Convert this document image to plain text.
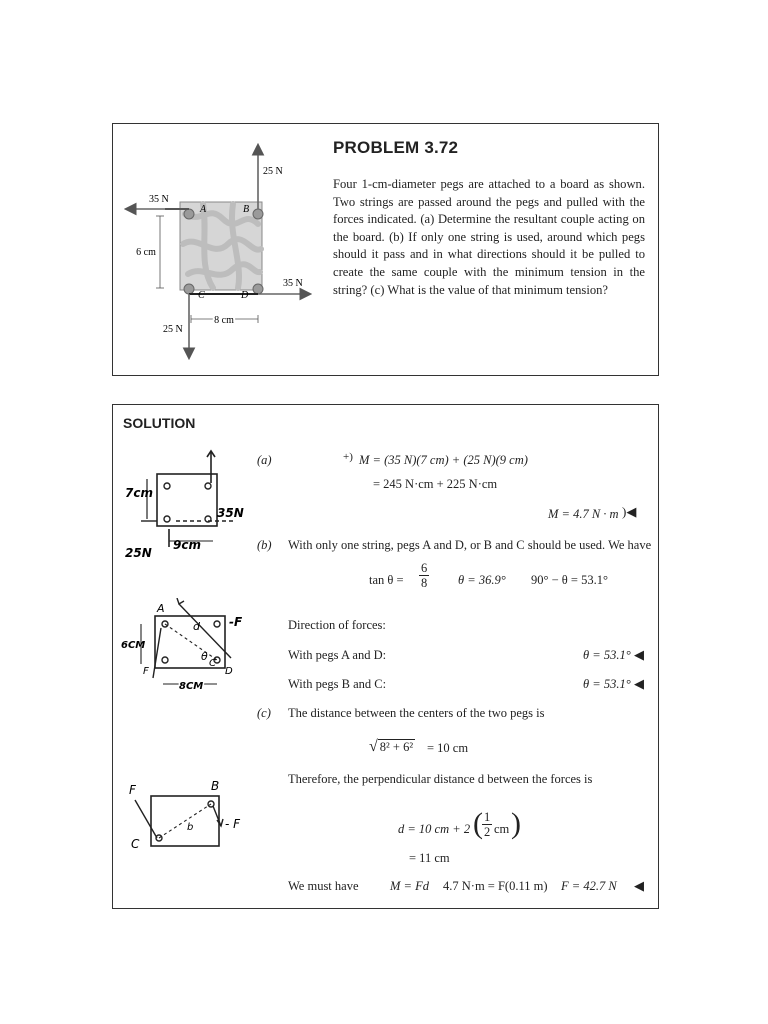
25 N
35 N
35 N
25 N
6 cm
8 cm
A	B
C	D
PROBLEM 3.72
Four 1-cm-diameter pegs are attached to a board as shown. Two strings are passed around the pegs and pulled with the forces indicated. (a) Determine the resultant couple acting on the board. (b) If only one string is used, around which pegs should it pass and in what directions should it be pulled to create the same couple with the minimum tension in the string? (c) What is the value of that minimum tension?
SOLUTION
7cm
35N
25N
9cm
A
-F
6CM
F
d
θ
C
D
8CM
F	B
- F
C
b
(a)	+) M = (35 N)(7 cm) + (25 N)(9 cm)
= 245 N·cm + 225 N·cm
M = 4.7 N · m )◀
(b) With only one string, pegs A and D, or B and C should be used. We have
$\tan \theta = \frac{6}{8}$ θ = 36.9° 90° − θ = 53.1°
Direction of forces:
With pegs A and D:	θ = 53.1° ◀
With pegs B and C:	θ = 53.1° ◀
(c) The distance between the centers of the two pegs is
√ 8² + 6² = 10 cm
Therefore, the perpendicular distance d between the forces is
d = 10 cm + 2 ( $\frac{1}{2}$ cm )
= 11 cm
We must have	M = Fd 4.7 N·m = F(0.11 m) F = 42.7 N ◀
